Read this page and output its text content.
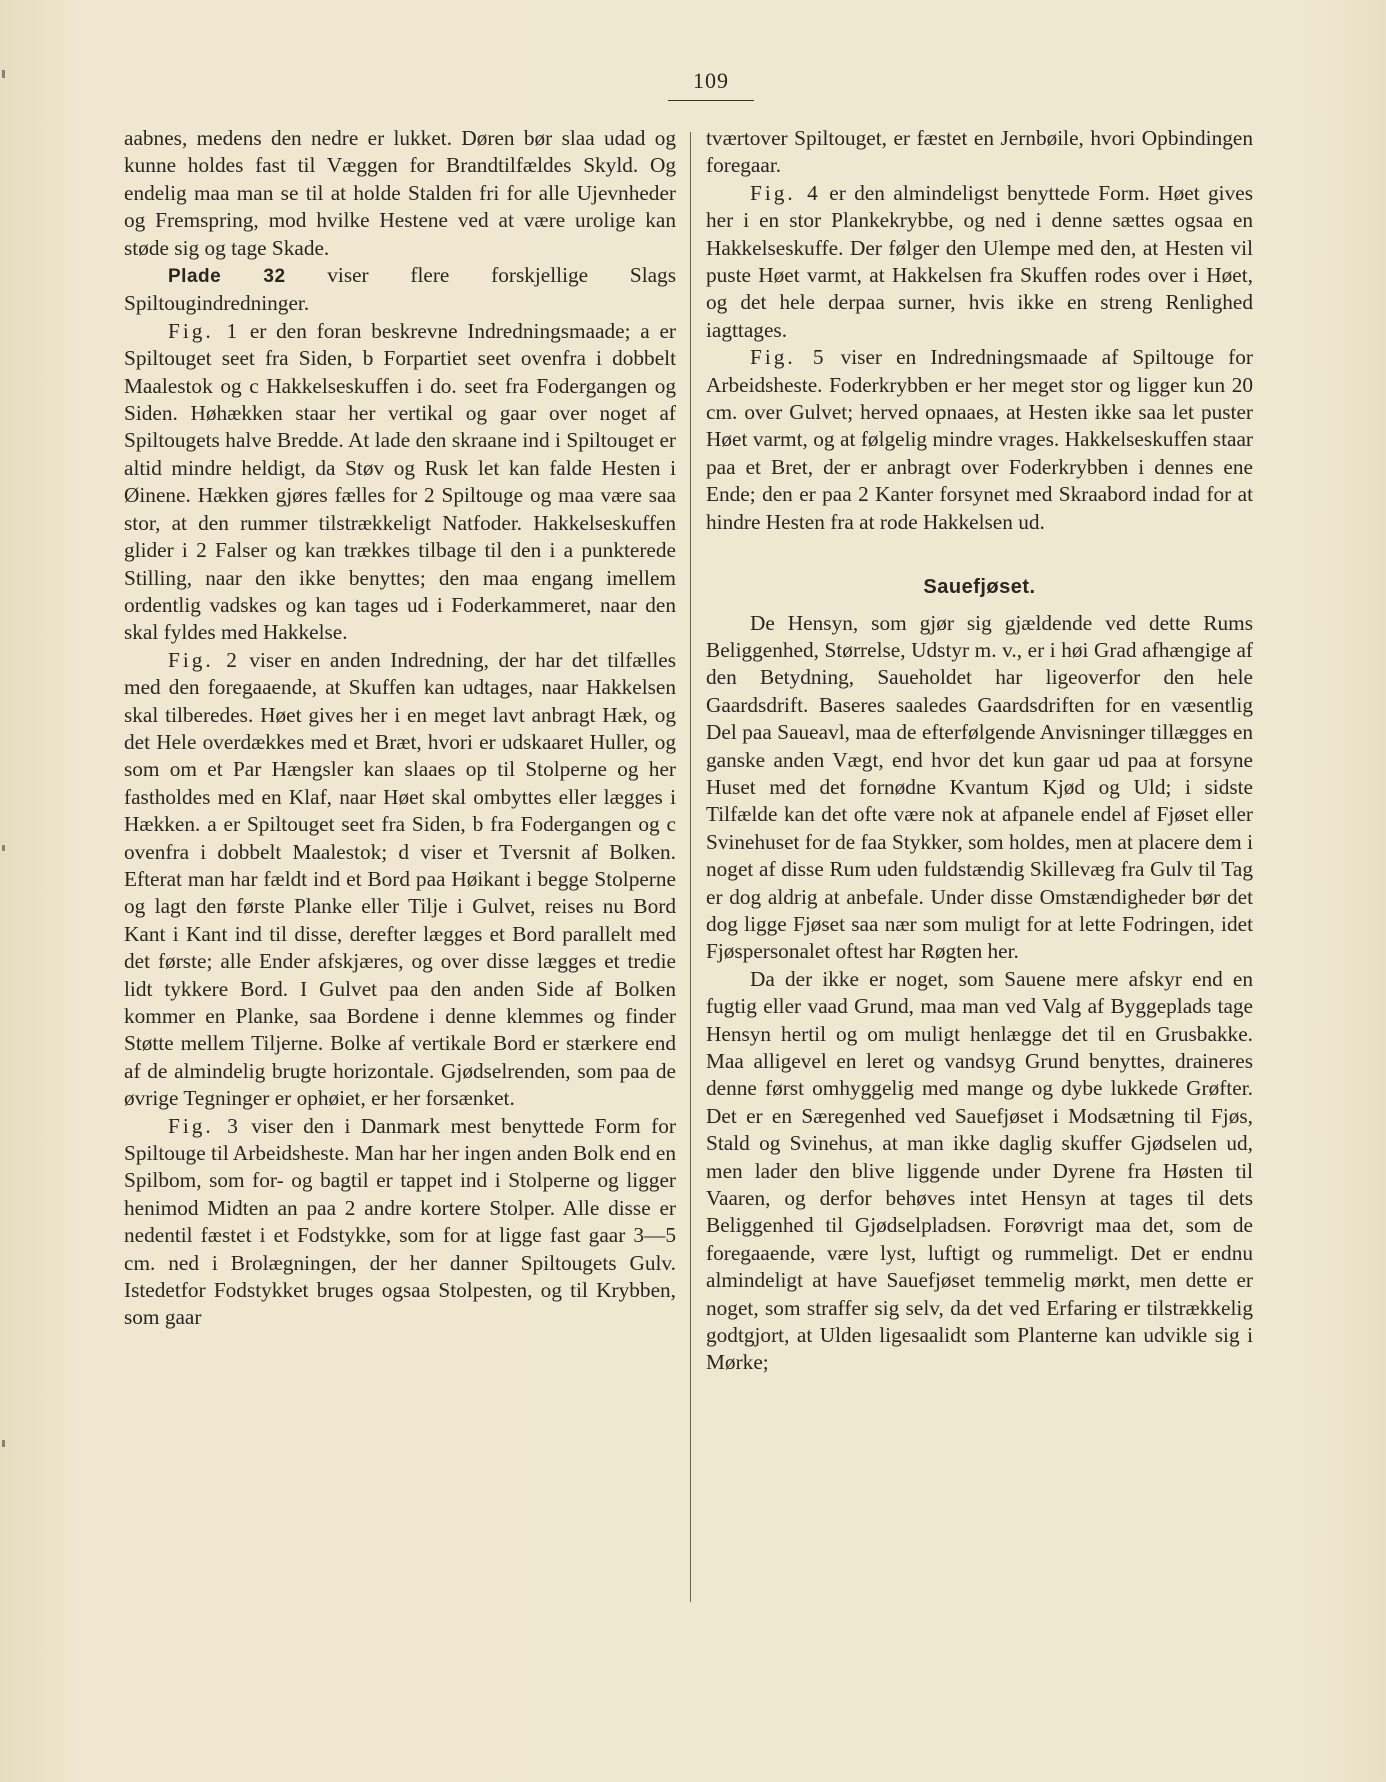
109

aabnes, medens den nedre er lukket. Døren bør slaa udad og kunne holdes fast til Væggen for Brandtilfældes Skyld. Og endelig maa man se til at holde Stalden fri for alle Ujevnheder og Fremspring, mod hvilke Hestene ved at være urolige kan støde sig og tage Skade.

Plade 32 viser flere forskjellige Slags Spiltougindredninger.

Fig. 1 er den foran beskrevne Indredningsmaade; a er Spiltouget seet fra Siden, b Forpartiet seet ovenfra i dobbelt Maalestok og c Hakkelseskuffen i do. seet fra Fodergangen og Siden. Høhækken staar her vertikal og gaar over noget af Spiltougets halve Bredde. At lade den skraane ind i Spiltouget er altid mindre heldigt, da Støv og Rusk let kan falde Hesten i Øinene. Hækken gjøres fælles for 2 Spiltouge og maa være saa stor, at den rummer tilstrækkeligt Natfoder. Hakkelseskuffen glider i 2 Falser og kan trækkes tilbage til den i a punkterede Stilling, naar den ikke benyttes; den maa engang imellem ordentlig vadskes og kan tages ud i Foderkammeret, naar den skal fyldes med Hakkelse.

Fig. 2 viser en anden Indredning, der har det tilfælles med den foregaaende, at Skuffen kan udtages, naar Hakkelsen skal tilberedes. Høet gives her i en meget lavt anbragt Hæk, og det Hele overdækkes med et Bræt, hvori er udskaaret Huller, og som om et Par Hængsler kan slaaes op til Stolperne og her fastholdes med en Klaf, naar Høet skal ombyttes eller lægges i Hækken. a er Spiltouget seet fra Siden, b fra Fodergangen og c ovenfra i dobbelt Maalestok; d viser et Tversnit af Bolken. Efterat man har fældt ind et Bord paa Høikant i begge Stolperne og lagt den første Planke eller Tilje i Gulvet, reises nu Bord Kant i Kant ind til disse, derefter lægges et Bord parallelt med det første; alle Ender afskjæres, og over disse lægges et tredie lidt tykkere Bord. I Gulvet paa den anden Side af Bolken kommer en Planke, saa Bordene i denne klemmes og finder Støtte mellem Tiljerne. Bolke af vertikale Bord er stærkere end af de almindelig brugte horizontale. Gjødselrenden, som paa de øvrige Tegninger er ophøiet, er her forsænket.

Fig. 3 viser den i Danmark mest benyttede Form for Spiltouge til Arbeidsheste. Man har her ingen anden Bolk end en Spilbom, som for- og bagtil er tappet ind i Stolperne og ligger henimod Midten an paa 2 andre kortere Stolper. Alle disse er nedentil fæstet i et Fodstykke, som for at ligge fast gaar 3—5 cm. ned i Brolægningen, der her danner Spiltougets Gulv. Istedetfor Fodstykket bruges ogsaa Stolpesten, og til Krybben, som gaar

tværtover Spiltouget, er fæstet en Jernbøile, hvori Opbindingen foregaar.

Fig. 4 er den almindeligst benyttede Form. Høet gives her i en stor Plankekrybbe, og ned i denne sættes ogsaa en Hakkelseskuffe. Der følger den Ulempe med den, at Hesten vil puste Høet varmt, at Hakkelsen fra Skuffen rodes over i Høet, og det hele derpaa surner, hvis ikke en streng Renlighed iagttages.

Fig. 5 viser en Indredningsmaade af Spiltouge for Arbeidsheste. Foderkrybben er her meget stor og ligger kun 20 cm. over Gulvet; herved opnaaes, at Hesten ikke saa let puster Høet varmt, og at følgelig mindre vrages. Hakkelseskuffen staar paa et Bret, der er anbragt over Foderkrybben i dennes ene Ende; den er paa 2 Kanter forsynet med Skraabord indad for at hindre Hesten fra at rode Hakkelsen ud.

Sauefjøset.

De Hensyn, som gjør sig gjældende ved dette Rums Beliggenhed, Størrelse, Udstyr m. v., er i høi Grad afhængige af den Betydning, Saueholdet har ligeoverfor den hele Gaardsdrift. Baseres saaledes Gaardsdriften for en væsentlig Del paa Saueavl, maa de efterfølgende Anvisninger tillægges en ganske anden Vægt, end hvor det kun gaar ud paa at forsyne Huset med det fornødne Kvantum Kjød og Uld; i sidste Tilfælde kan det ofte være nok at afpanele endel af Fjøset eller Svinehuset for de faa Stykker, som holdes, men at placere dem i noget af disse Rum uden fuldstændig Skillevæg fra Gulv til Tag er dog aldrig at anbefale. Under disse Omstændigheder bør det dog ligge Fjøset saa nær som muligt for at lette Fodringen, idet Fjøspersonalet oftest har Røgten her.

Da der ikke er noget, som Sauene mere afskyr end en fugtig eller vaad Grund, maa man ved Valg af Byggeplads tage Hensyn hertil og om muligt henlægge det til en Grusbakke. Maa alligevel en leret og vandsyg Grund benyttes, draineres denne først omhyggelig med mange og dybe lukkede Grøfter. Det er en Særegenhed ved Sauefjøset i Modsætning til Fjøs, Stald og Svinehus, at man ikke daglig skuffer Gjødselen ud, men lader den blive liggende under Dyrene fra Høsten til Vaaren, og derfor behøves intet Hensyn at tages til dets Beliggenhed til Gjødselpladsen. Forøvrigt maa det, som de foregaaende, være lyst, luftigt og rummeligt. Det er endnu almindeligt at have Sauefjøset temmelig mørkt, men dette er noget, som straffer sig selv, da det ved Erfaring er tilstrækkelig godtgjort, at Ulden ligesaalidt som Planterne kan udvikle sig i Mørke;
